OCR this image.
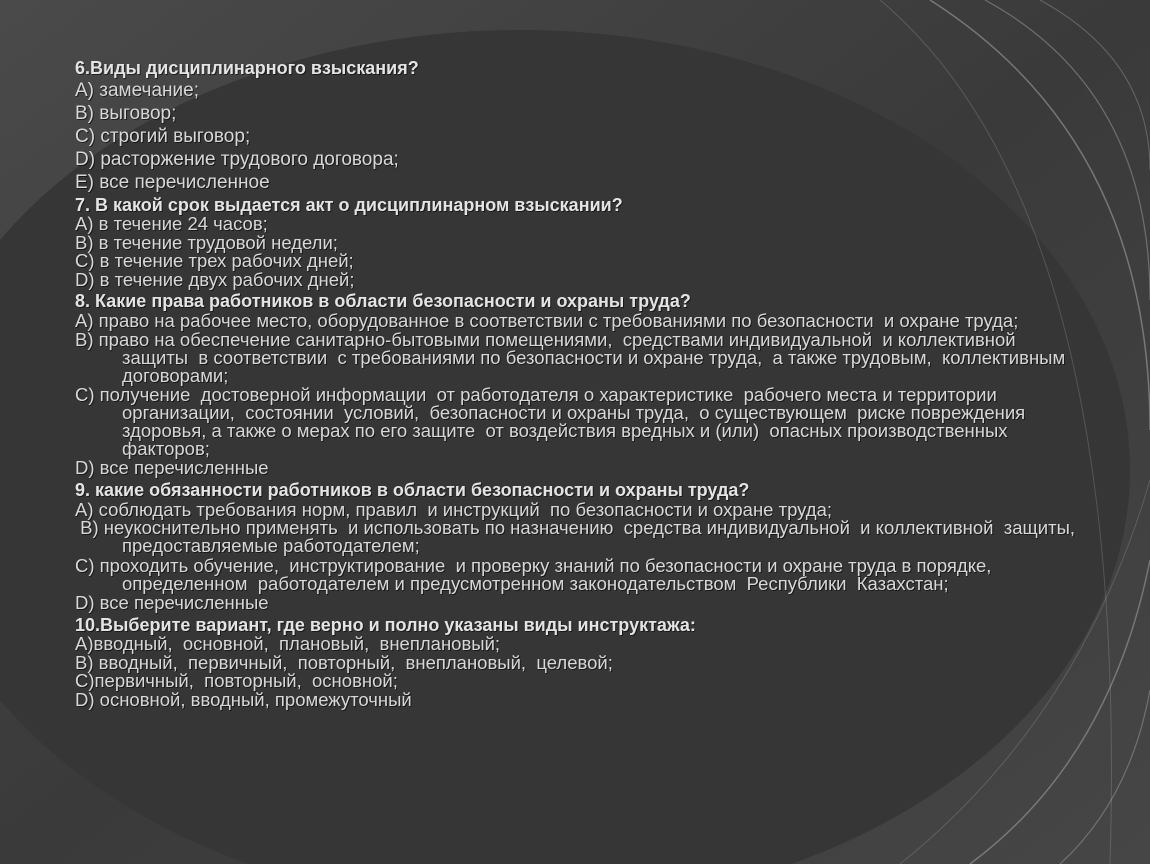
6.Виды дисциплинарного взыскания?
A) замечание;
B) выговор;
C) строгий выговор;
D) расторжение трудового договора;
E) все перечисленное
7. В какой срок выдается акт о дисциплинарном взыскании?
A) в течение 24 часов;
B) в течение трудовой недели;
C) в течение трех рабочих дней;
D) в течение двух рабочих дней;
8. Какие права работников в области безопасности и охраны труда?
A) право на рабочее место, оборудованное в соответствии с требованиями по безопасности  и охране труда;
B) право на обеспечение санитарно-бытовыми помещениями,  средствами индивидуальной  и коллективной
защиты  в соответствии  с требованиями по безопасности и охране труда,  а также трудовым,  коллективным
договорами;
C) получение  достоверной информации  от работодателя о характеристике  рабочего места и территории
организации,  состоянии  условий,  безопасности и охраны труда,  о существующем  риске повреждения
здоровья, а также о мерах по его защите  от воздействия вредных и (или)  опасных производственных
факторов;
D) все перечисленные
9. какие обязанности работников в области безопасности и охраны труда?
A) соблюдать требования норм, правил  и инструкций  по безопасности и охране труда;
B) неукоснительно применять  и использовать по назначению  средства индивидуальной  и коллективной  защиты,
предоставляемые работодателем;
C) проходить обучение,  инструктирование  и проверку знаний по безопасности и охране труда в порядке,
определенном  работодателем и предусмотренном законодательством  Республики  Казахстан;
D) все перечисленные
10.Выберите вариант, где верно и полно указаны виды инструктажа:
A)вводный,  основной,  плановый,  внеплановый;
B) вводный,  первичный,  повторный,  внеплановый,  целевой;
C)первичный,  повторный,  основной;
D) основной, вводный, промежуточный
